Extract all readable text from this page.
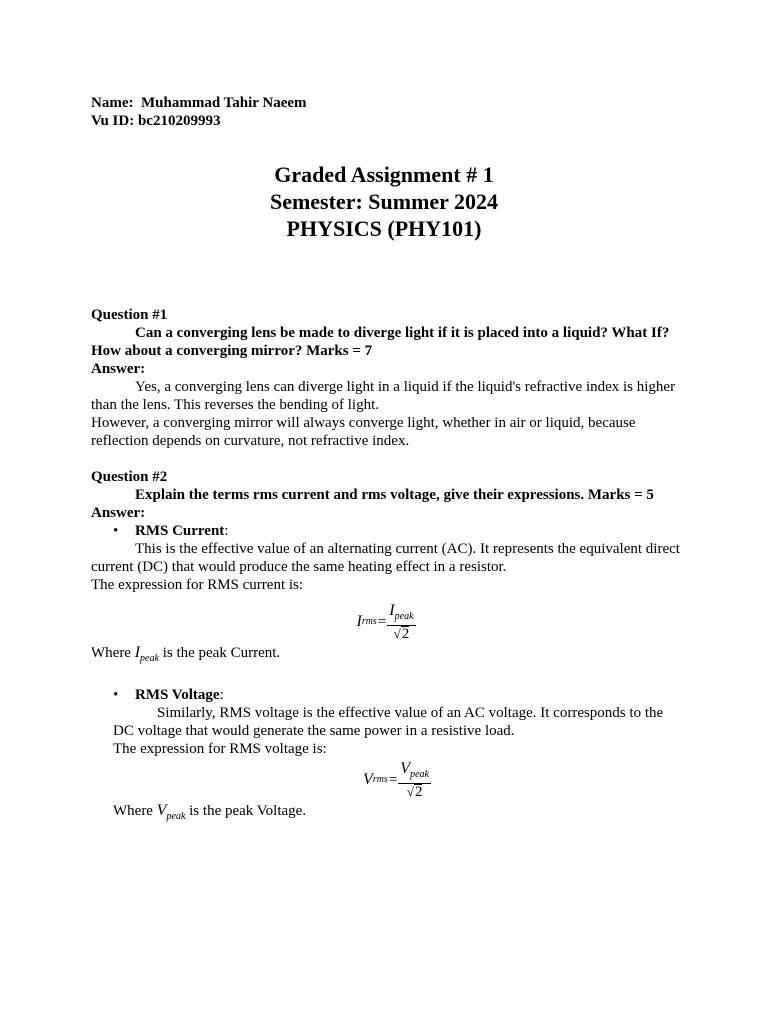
Name: Muhammad Tahir Naeem
Vu ID: bc210209993
Graded Assignment # 1
Semester: Summer 2024
PHYSICS (PHY101)
Question #1

Can a converging lens be made to diverge light if it is placed into a liquid? What If? How about a converging mirror? Marks = 7

Answer:

Yes, a converging lens can diverge light in a liquid if the liquid's refractive index is higher than the lens. This reverses the bending of light.

However, a converging mirror will always converge light, whether in air or liquid, because reflection depends on curvature, not refractive index.

Question #2

Explain the terms rms current and rms voltage, give their expressions. Marks = 5

Answer:
• RMS Current:

This is the effective value of an alternating current (AC). It represents the equivalent direct current (DC) that would produce the same heating effect in a resistor.

The expression for RMS current is:

I rms = $\frac{I_{peak}}{√ 2}$

Where $I_{peak}$ is the peak Current.

• RMS Voltage:

Similarly, RMS voltage is the effective value of an AC voltage. It corresponds to the DC voltage that would generate the same power in a resistive load.

The expression for RMS voltage is:

V rms = $\frac{V_{peak}}{√ 2}$

Where $V_{peak}$ is the peak Voltage.
